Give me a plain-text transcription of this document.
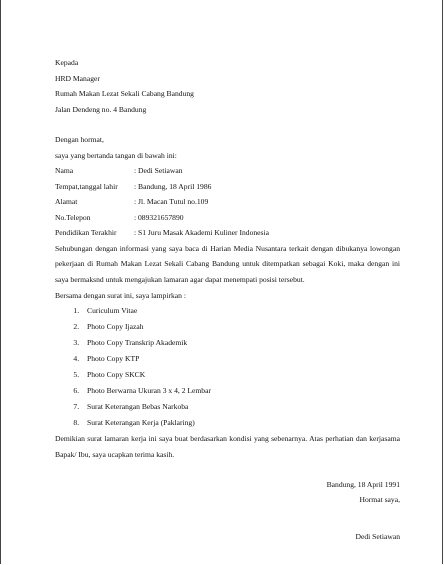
Kepada
HRD Manager
Rumah Makan Lezat Sekali Cabang Bandung
Jalan Dendeng no. 4 Bandung
Dengan hormat,
saya yang bertanda tangan di bawah ini:
Nama	: Dedi Setiawan
Tempat,tanggal lahir	: Bandung, 18 April 1986
Alamat	: Jl. Macan Tutul no.109
No.Telepon	: 089321657890
Pendidikan Terakhir	: S1 Juru Masak Akademi Kuliner Indonesia
Sehubungan dengan informasi yang saya baca di Harian Media Nusantara terkait dengan dibukanya lowongan pekerjaan di Rumah Makan Lezat Sekali Cabang Bandung untuk ditempatkan sebagai Koki, maka dengan ini saya bermaksnd untuk mengajukan lamaran agar dapat menempati posisi tersebut.
Bersama dengan surat ini, saya lampirkan :
1. Curiculum Vitae
2. Photo Copy Ijazah
3. Photo Copy Transkrip Akademik
4. Photo Copy KTP
5. Photo Copy SKCK
6. Photo Berwarna Ukuran 3 x 4, 2 Lembar
7. Surat Keterangan Bebas Narkoba
8. Surat Keterangan Kerja (Paklaring)
Demikian surat lamaran kerja ini saya buat berdasarkan kondisi yang sebenarnya. Atas perhatian dan kerjasama Bapak/ Ibu, saya ucapkan terima kasih.
Bandung, 18 April 1991
Hormat saya,
Dedi Setiawan
